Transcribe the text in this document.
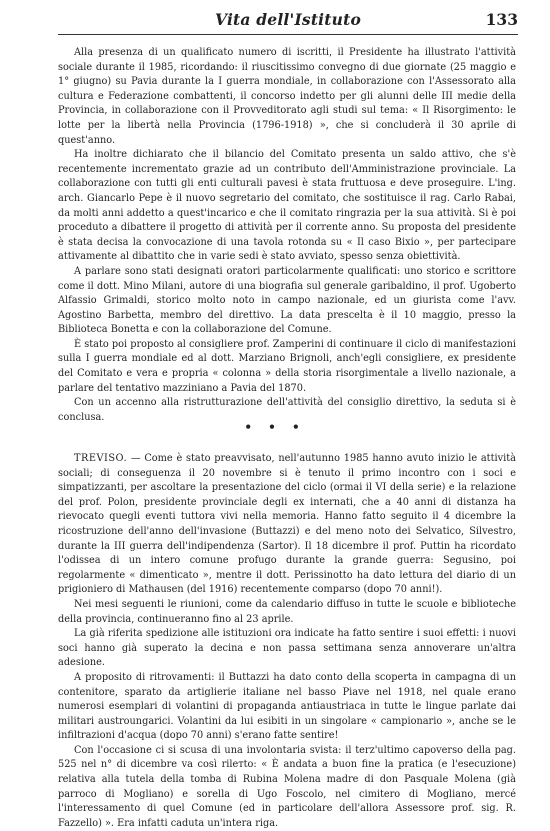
Vita dell'Istituto	133

Alla presenza di un qualificato numero di iscritti, il Presidente ha illustrato l'attività sociale durante il 1985, ricordando: il riuscitissimo convegno di due giornate (25 maggio e 1° giugno) su Pavia durante la I guerra mondiale, in collaborazione con l'Assessorato alla cultura e Federazione combattenti, il concorso indetto per gli alunni delle III medie della Provincia, in collaborazione con il Provveditorato agli studi sul tema: « Il Risorgimento: le lotte per la libertà nella Provincia (1796-1918) », che si concluderà il 30 aprile di quest'anno.

Ha inoltre dichiarato che il bilancio del Comitato presenta un saldo attivo, che s'è recentemente incrementato grazie ad un contributo dell'Amministrazione provinciale. La collaborazione con tutti gli enti culturali pavesi è stata fruttuosa e deve proseguire. L'ing. arch. Giancarlo Pepe è il nuovo segretario del comitato, che sostituisce il rag. Carlo Rabai, da molti anni addetto a quest'incarico e che il comitato ringrazia per la sua attività. Si è poi proceduto a dibattere il progetto di attività per il corrente anno. Su proposta del presidente è stata decisa la convocazione di una tavola rotonda su « Il caso Bixio », per partecipare attivamente al dibattito che in varie sedi è stato avviato, spesso senza obiettività.

A parlare sono stati designati oratori particolarmente qualificati: uno storico e scrittore come il dott. Mino Milani, autore di una biografia sul generale garibaldino, il prof. Ugoberto Alfassio Grimaldi, storico molto noto in campo nazionale, ed un giurista come l'avv. Agostino Barbetta, membro del direttivo. La data prescelta è il 10 maggio, presso la Biblioteca Bonetta e con la collaborazione del Comune.

È stato poi proposto al consigliere prof. Zamperini di continuare il ciclo di manifestazioni sulla I guerra mondiale ed al dott. Marziano Brignoli, anch'egli consigliere, ex presidente del Comitato e vera e propria « colonna » della storia risorgimentale a livello nazionale, a parlare del tentativo mazziniano a Pavia del 1870.

Con un accenno alla ristrutturazione dell'attività del consiglio direttivo, la seduta si è conclusa.

• • •

TREVISO. — Come è stato preavvisato, nell'autunno 1985 hanno avuto inizio le attività sociali; di conseguenza il 20 novembre si è tenuto il primo incontro con i soci e simpatizzanti, per ascoltare la presentazione del ciclo (ormai il VI della serie) e la relazione del prof. Polon, presidente provinciale degli ex internati, che a 40 anni di distanza ha rievocato quegli eventi tuttora vivi nella memoria. Hanno fatto seguito il 4 dicembre la ricostruzione dell'anno dell'invasione (Buttazzi) e del meno noto dei Selvatico, Silvestro, durante la III guerra dell'indipendenza (Sartor). Il 18 dicembre il prof. Puttin ha ricordato l'odissea di un intero comune profugo durante la grande guerra: Segusino, poi regolarmente « dimenticato », mentre il dott. Perissinotto ha dato lettura del diario di un prigioniero di Mathausen (del 1916) recentemente comparso (dopo 70 anni!).

Nei mesi seguenti le riunioni, come da calendario diffuso in tutte le scuole e biblioteche della provincia, continueranno fino al 23 aprile.

La già riferita spedizione alle istituzioni ora indicate ha fatto sentire i suoi effetti: i nuovi soci hanno già superato la decina e non passa settimana senza annoverare un'altra adesione.

A proposito di ritrovamenti: il Buttazzi ha dato conto della scoperta in campagna di un contenitore, sparato da artiglierie italiane nel basso Piave nel 1918, nel quale erano numerosi esemplari di volantini di propaganda antiaustriaca in tutte le lingue parlate dai militari austroungarici. Volantini da lui esibiti in un singolare « campionario », anche se le infiltrazioni d'acqua (dopo 70 anni) s'erano fatte sentire!

Con l'occasione ci si scusa di una involontaria svista: il terz'ultimo capoverso della pag. 525 nel n° di dicembre va così rilетto: « È andata a buon fine la pratica (e l'esecuzione) relativa alla tutela della tomba di Rubina Molena madre di don Pasquale Molena (già parroco di Mogliano) e sorella di Ugo Foscolo, nel cimitero di Mogliano, mercé l'interessamento di quel Comune (ed in particolare dell'allora Assessore prof. sig. R. Fazzello) ». Era infatti caduta un'intera riga.
